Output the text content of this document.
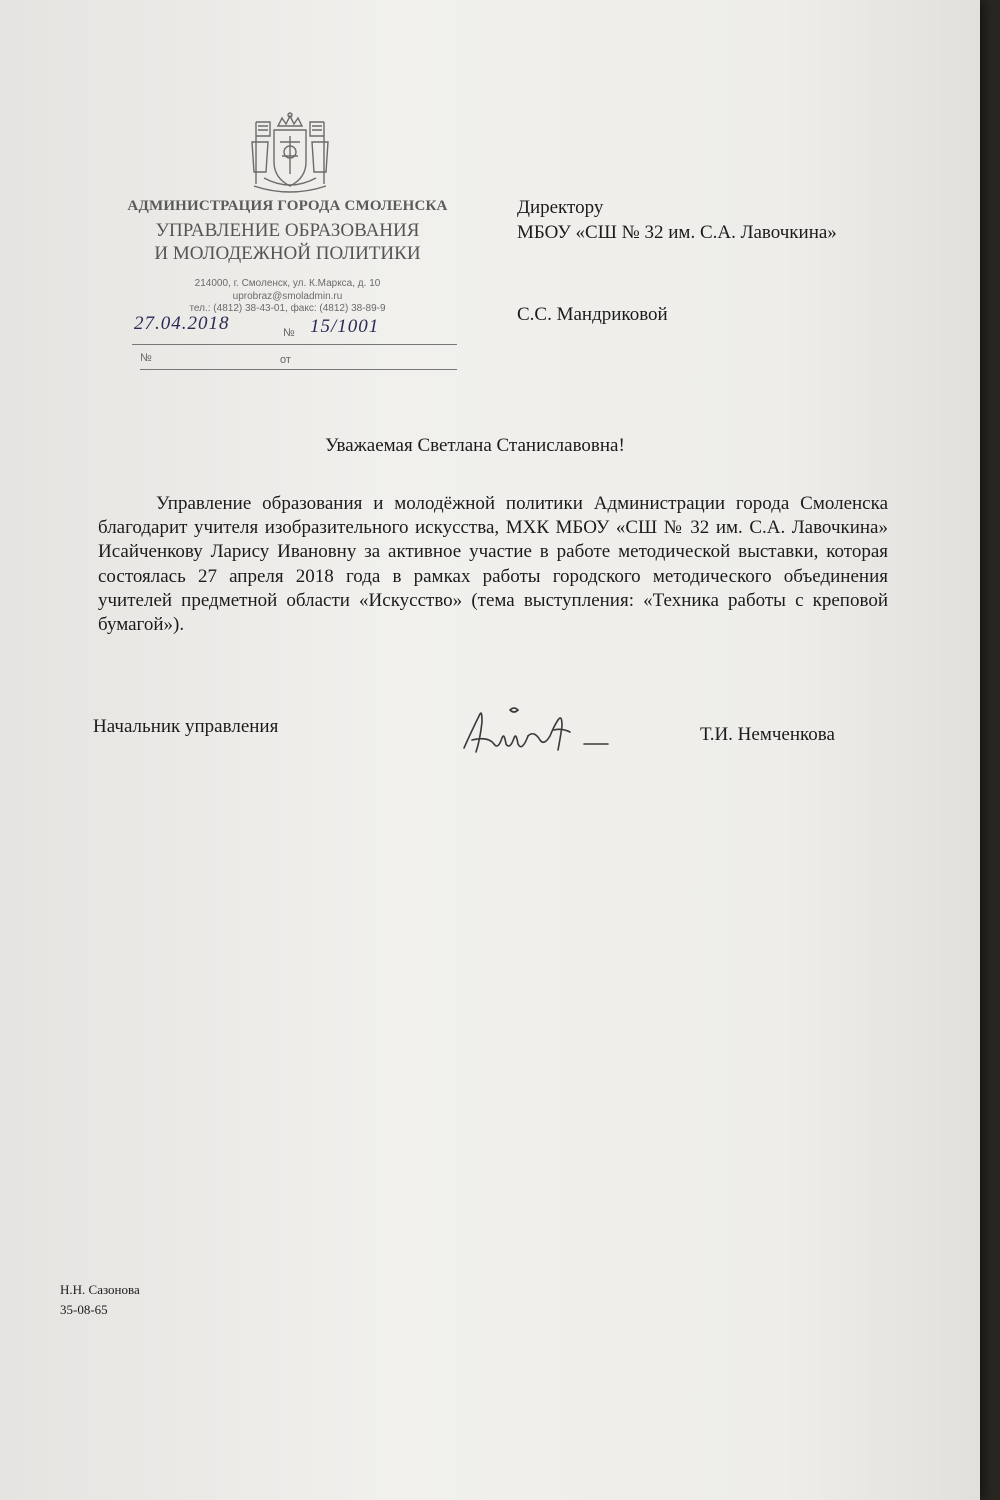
АДМИНИСТРАЦИЯ ГОРОДА СМОЛЕНСКА
УПРАВЛЕНИЕ ОБРАЗОВАНИЯ
И МОЛОДЕЖНОЙ ПОЛИТИКИ
214000, г. Смоленск, ул. К.Маркса, д. 10
uprobraz@smoladmin.ru
тел.: (4812) 38-43-01, факс: (4812) 38-89-9
27.04.2018	№ 15/1001
№	от
Директору
МБОУ «СШ № 32 им. С.А. Лавочкина»
С.С. Мандриковой
Уважаемая Светлана Станиславовна!
Управление образования и молодёжной политики Администрации города Смоленска благодарит учителя изобразительного искусства, МХК МБОУ «СШ № 32 им. С.А. Лавочкина» Исайченкову Ларису Ивановну за активное участие в работе методической выставки, которая состоялась 27 апреля 2018 года в рамках работы городского методического объединения учителей предметной области «Искусство» (тема выступления: «Техника работы с креповой бумагой»).
Начальник управления	Т.И. Немченкова
Н.Н. Сазонова
35-08-65
